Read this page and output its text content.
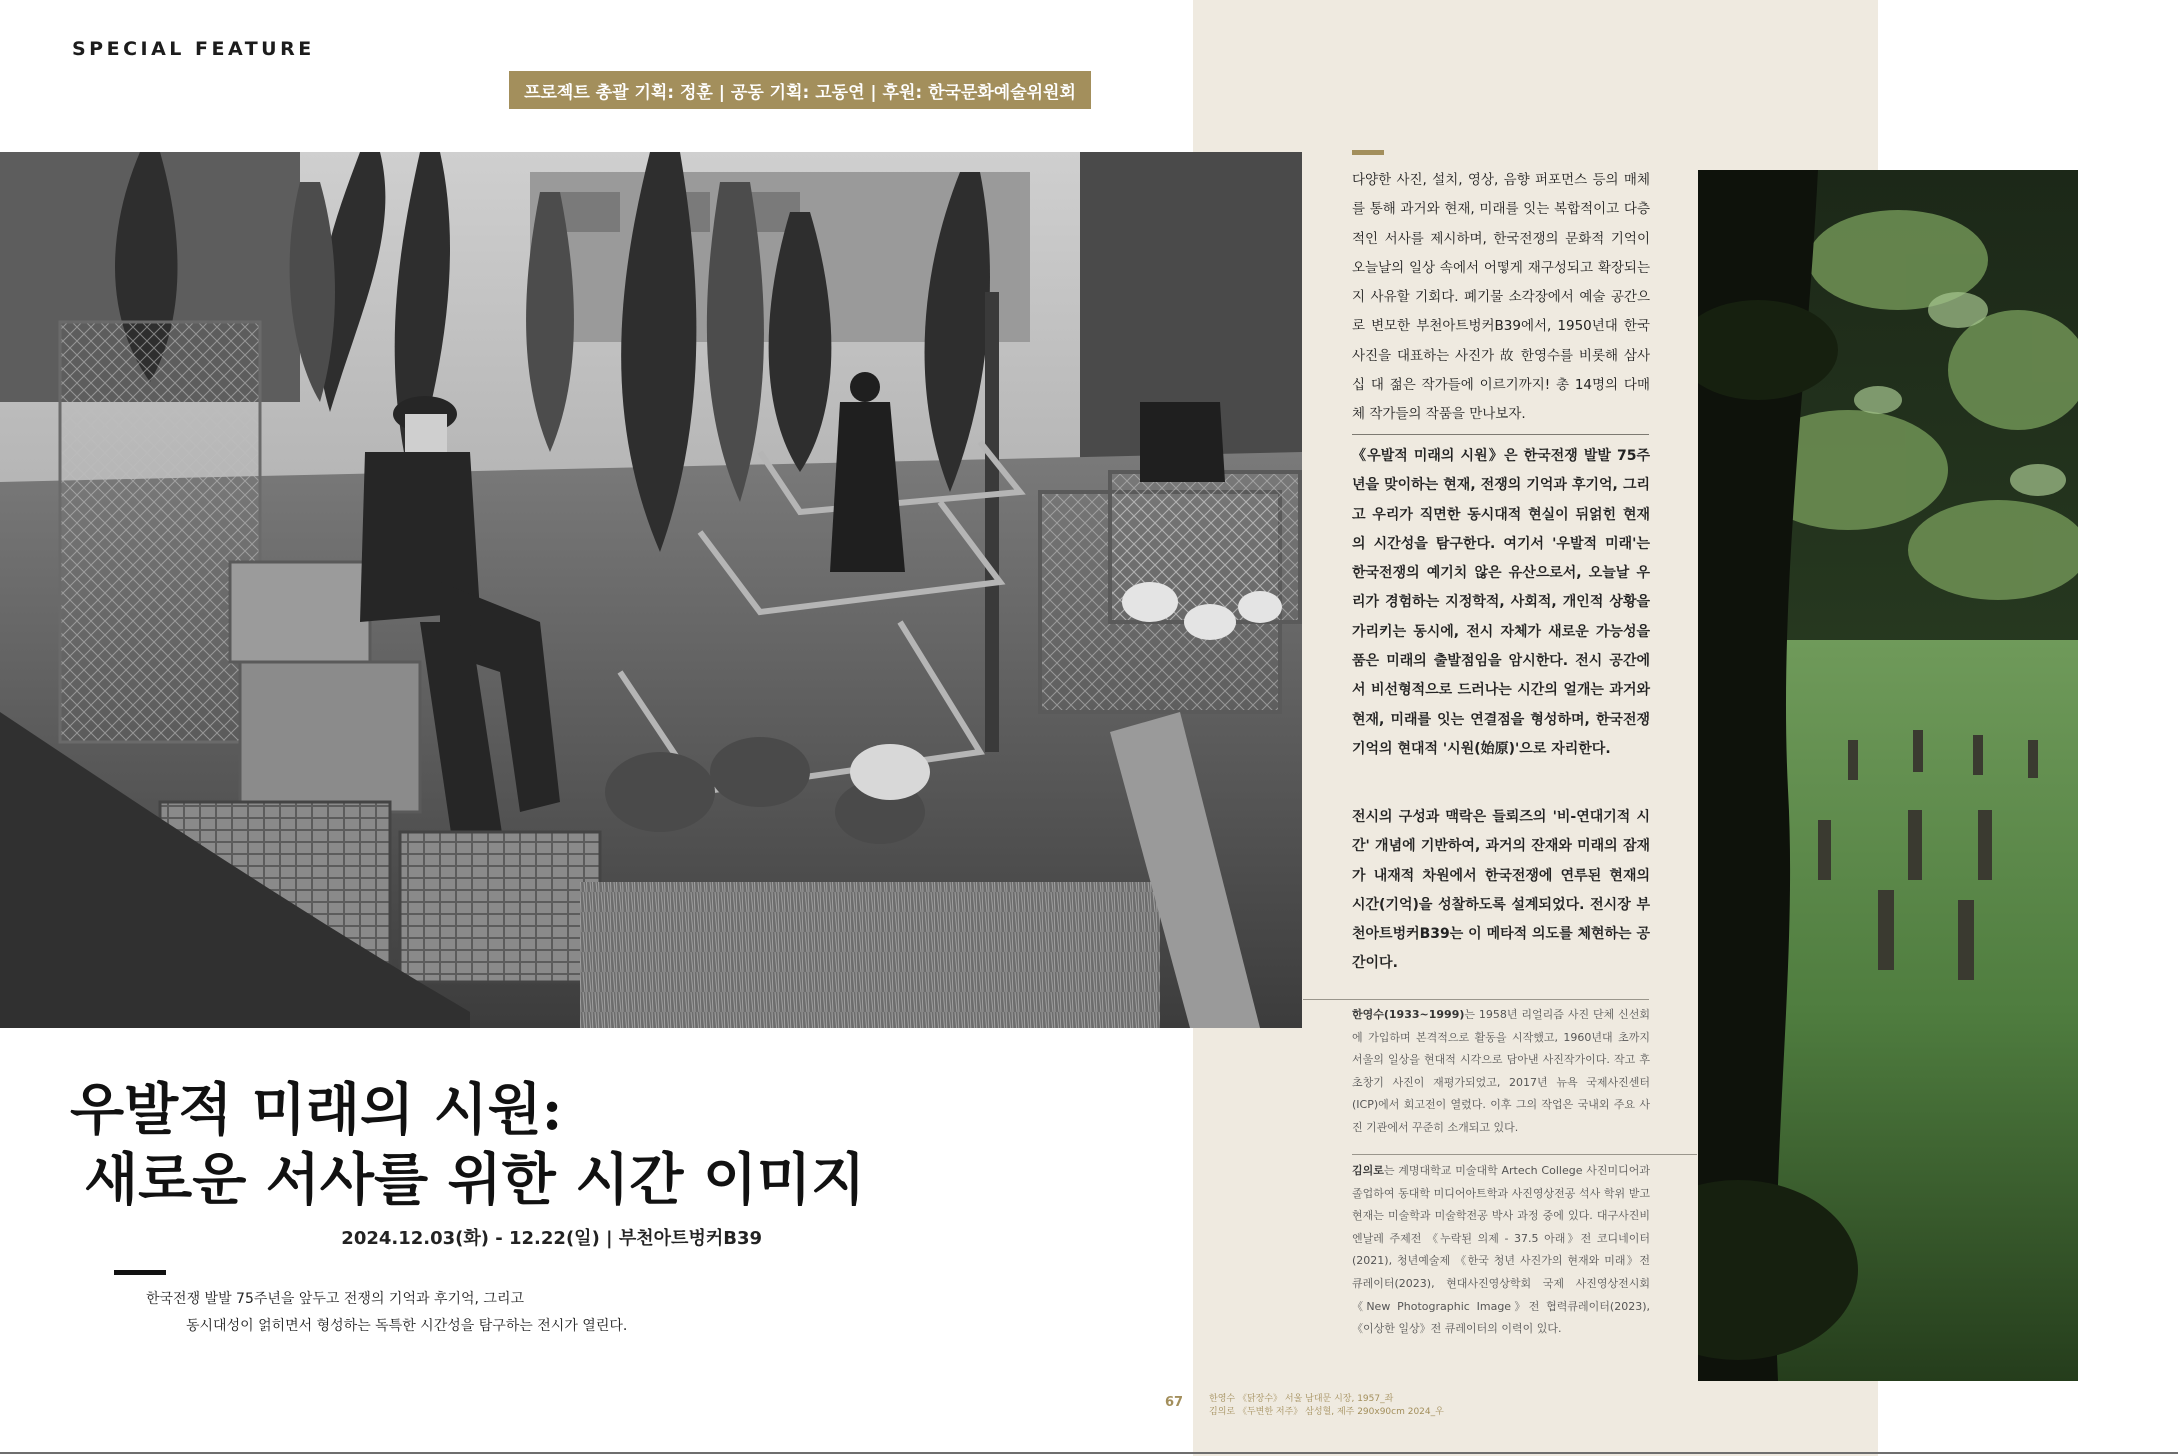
SPECIAL FEATURE
프로젝트 총괄 기획: 정훈 | 공동 기획: 고동연 | 후원: 한국문화예술위원회
우발적 미래의 시원:
새로운 서사를 위한 시간 이미지
2024.12.03(화) - 12.22(일) | 부천아트벙커B39
한국전쟁 발발 75주년을 앞두고 전쟁의 기억과 후기억, 그리고
동시대성이 얽히면서 형성하는 독특한 시간성을 탐구하는 전시가 열린다.
다양한 사진, 설치, 영상, 음향 퍼포먼스 등의 매체를 통해 과거와 현재, 미래를 잇는 복합적이고 다층적인 서사를 제시하며, 한국전쟁의 문화적 기억이 오늘날의 일상 속에서 어떻게 재구성되고 확장되는지 사유할 기회다. 폐기물 소각장에서 예술 공간으로 변모한 부천아트벙커B39에서, 1950년대 한국 사진을 대표하는 사진가 故 한영수를 비롯해 삼사십 대 젊은 작가들에 이르기까지! 총 14명의 다매체 작가들의 작품을 만나보자.
《우발적 미래의 시원》은 한국전쟁 발발 75주년을 맞이하는 현재, 전쟁의 기억과 후기억, 그리고 우리가 직면한 동시대적 현실이 뒤얽힌 현재의 시간성을 탐구한다. 여기서 '우발적 미래'는 한국전쟁의 예기치 않은 유산으로서, 오늘날 우리가 경험하는 지정학적, 사회적, 개인적 상황을 가리키는 동시에, 전시 자체가 새로운 가능성을 품은 미래의 출발점임을 암시한다. 전시 공간에서 비선형적으로 드러나는 시간의 얼개는 과거와 현재, 미래를 잇는 연결점을 형성하며, 한국전쟁 기억의 현대적 '시원(始原)'으로 자리한다.
전시의 구성과 맥락은 들뢰즈의 '비-연대기적 시간' 개념에 기반하여, 과거의 잔재와 미래의 잠재가 내재적 차원에서 한국전쟁에 연루된 현재의 시간(기억)을 성찰하도록 설계되었다. 전시장 부천아트벙커B39는 이 메타적 의도를 체현하는 공간이다.
한영수(1933~1999)는 1958년 리얼리즘 사진 단체 신선회에 가입하며 본격적으로 활동을 시작했고, 1960년대 초까지 서울의 일상을 현대적 시각으로 담아낸 사진작가이다. 작고 후 초창기 사진이 재평가되었고, 2017년 뉴욕 국제사진센터(ICP)에서 회고전이 열렸다. 이후 그의 작업은 국내외 주요 사진 기관에서 꾸준히 소개되고 있다.
김의로는 계명대학교 미술대학 Artech College 사진미디어과 졸업하여 동대학 미디어아트학과 사진영상전공 석사 학위 받고 현재는 미술학과 미술학전공 박사 과정 중에 있다. 대구사진비엔날레 주제전 《누락된 의제 - 37.5 아래》전 코디네이터(2021), 청년예술제 《한국 청년 사진가의 현재와 미래》전 큐레이터(2023), 현대사진영상학회 국제 사진영상전시회 《New Photographic Image》전 협력큐레이터(2023), 《이상한 일상》전 큐레이터의 이력이 있다.
67	한영수 《닭장수》 서울 남대문 시장, 1957_좌
김의로 《두변한 저주》 삼성혈, 제주 290x90cm 2024_우
